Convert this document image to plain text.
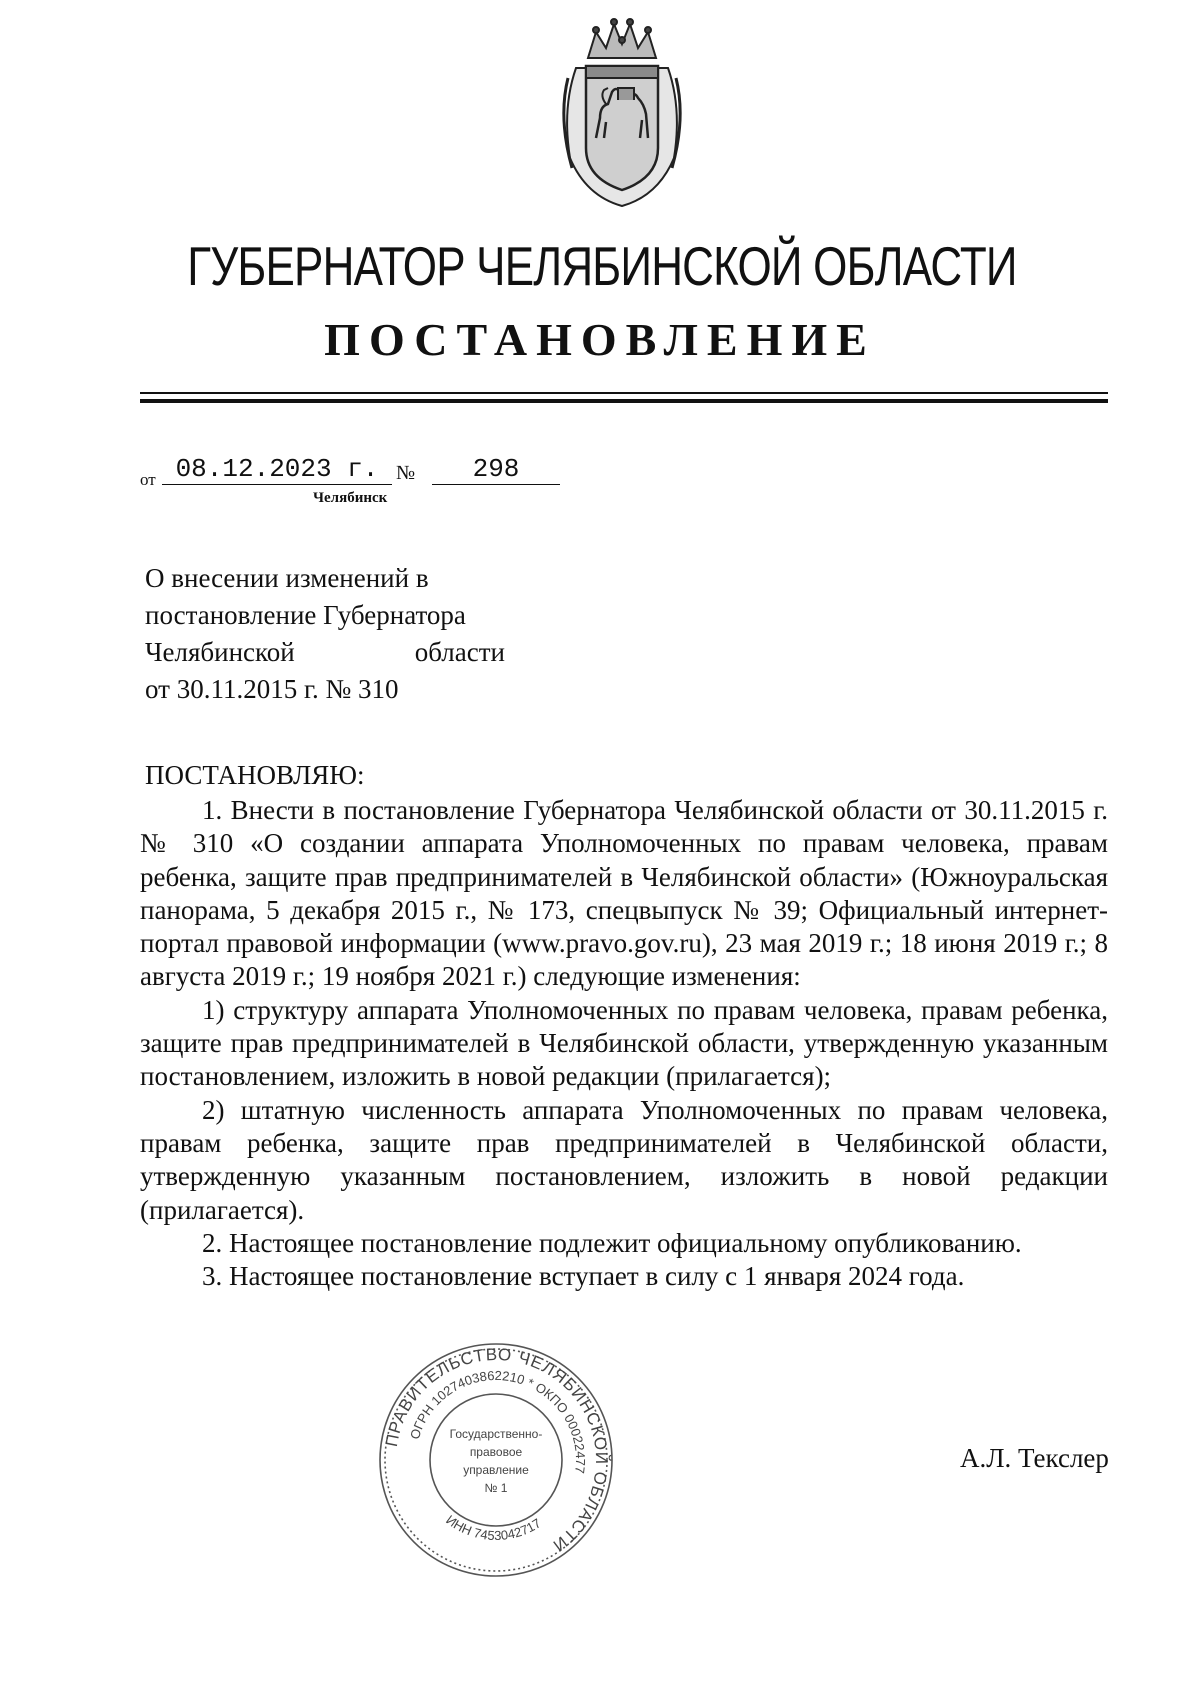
ГУБЕРНАТОР ЧЕЛЯБИНСКОЙ ОБЛАСТИ
ПОСТАНОВЛЕНИЕ
от 08.12.2023 г. №	298
Челябинск
О внесении изменений в
постановление Губернатора
Челябинской области
от 30.11.2015 г. № 310
ПОСТАНОВЛЯЮ:

1. Внести в постановление Губернатора Челябинской области от 30.11.2015 г. № 310 «О создании аппарата Уполномоченных по правам человека, правам ребенка, защите прав предпринимателей в Челябинской области» (Южноуральская панорама, 5 декабря 2015 г., № 173, спецвыпуск № 39; Официальный интернет-портал правовой информации (www.pravo.gov.ru), 23 мая 2019 г.; 18 июня 2019 г.; 8 августа 2019 г.; 19 ноября 2021 г.) следующие изменения:

1) структуру аппарата Уполномоченных по правам человека, правам ребенка, защите прав предпринимателей в Челябинской области, утвержденную указанным постановлением, изложить в новой редакции (прилагается);

2) штатную численность аппарата Уполномоченных по правам человека, правам ребенка, защите прав предпринимателей в Челябинской области, утвержденную указанным постановлением, изложить в новой редакции (прилагается).

2. Настоящее постановление подлежит официальному опубликованию.

3. Настоящее постановление вступает в силу с 1 января 2024 года.

ПРАВИТЕЛЬСТВО ЧЕЛЯБИНСКОЙ ОБЛАСТИ
ОГРН 1027403862210 * ОКПО 00022477
ИНН 7453042717
Государственно-
правовое
управление
№ 1
А.Л. Текслер
